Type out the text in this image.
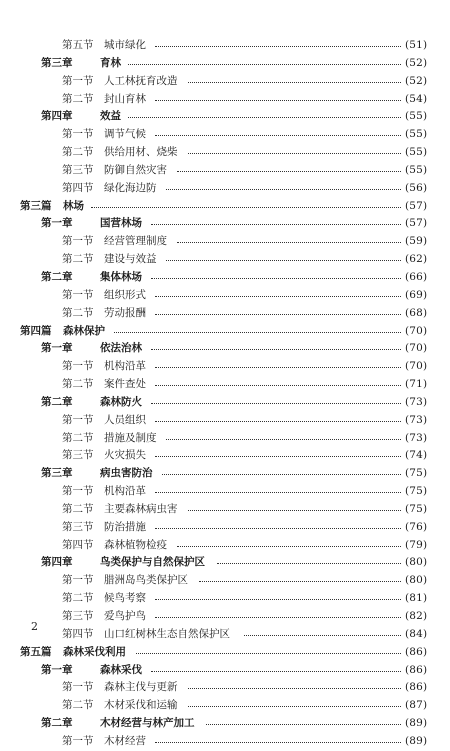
第五节 城市绿化	(51)
第三章	育林	(52)
第一节 人工林抚育改造	(52)
第二节 封山育林	(54)
第四章	效益	(55)
第一节 调节气候	(55)
第二节 供给用材、烧柴	(55)
第三节 防御自然灾害	(55)
第四节 绿化海边防	(56)
第三篇 林场	(57)
第一章	国营林场	(57)
第一节 经营管理制度	(59)
第二节 建设与效益	(62)
第二章	集体林场	(66)
第一节 组织形式	(69)
第二节 劳动报酬	(68)
第四篇 森林保护	(70)
第一章	依法治林	(70)
第一节 机构沿革	(70)
第二节 案件查处	(71)
第二章	森林防火	(73)
第一节 人员组织	(73)
第二节 措施及制度	(73)
第三节 火灾损失	(74)
第三章	病虫害防治	(75)
第一节 机构沿革	(75)
第二节 主要森林病虫害	(75)
第三节 防治措施	(76)
第四节 森林植物检疫	(79)
第四章	鸟类保护与自然保护区	(80)
第一节 腊洲岛鸟类保护区	(80)
第二节 候鸟考察	(81)
第三节 爱鸟护鸟	(82)
第四节 山口红树林生态自然保护区	(84)
第五篇 森林采伐利用	(86)
第一章	森林采伐	(86)
第一节 森林主伐与更新	(86)
第二节 木材采伐和运输	(87)
第二章	木材经营与林产加工	(89)
第一节 木材经营	(89)
2
